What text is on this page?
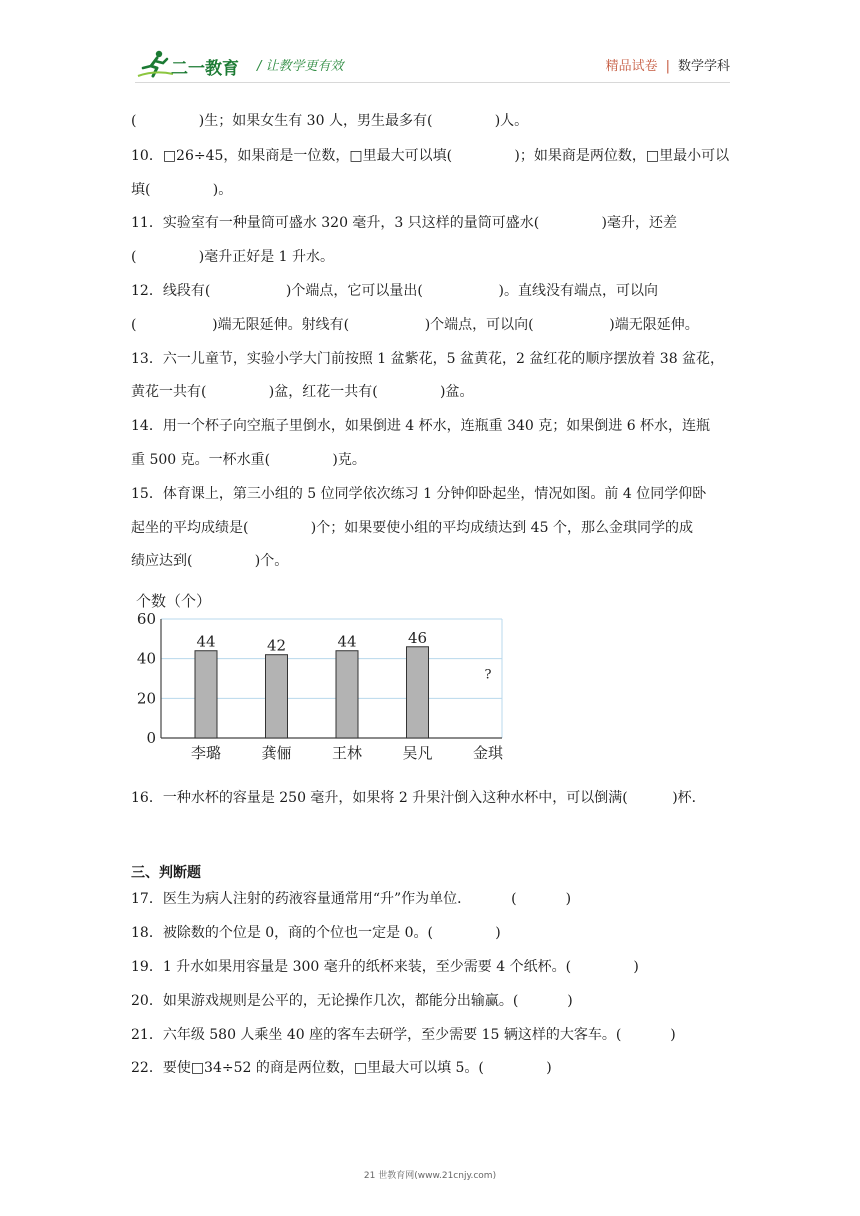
二一教育 / 让教学更有效	精品试卷 | 数学学科
(              )生；如果女生有 30 人，男生最多有(              )人。
10．□26÷45，如果商是一位数，□里最大可以填(              )；如果商是两位数，□里最小可以
填(              )。
11．实验室有一种量筒可盛水 320 毫升，3 只这样的量筒可盛水(              )毫升，还差
(              )毫升正好是 1 升水。
12．线段有(                 )个端点，它可以量出(                 )。直线没有端点，可以向
(                 )端无限延伸。射线有(                 )个端点，可以向(                 )端无限延伸。
13．六一儿童节，实验小学大门前按照 1 盆紫花，5 盆黄花，2 盆红花的顺序摆放着 38 盆花，
黄花一共有(              )盆，红花一共有(              )盆。
14．用一个杯子向空瓶子里倒水，如果倒进 4 杯水，连瓶重 340 克；如果倒进 6 杯水，连瓶
重 500 克。一杯水重(              )克。
15．体育课上，第三小组的 5 位同学依次练习 1 分钟仰卧起坐，情况如图。前 4 位同学仰卧
起坐的平均成绩是(              )个；如果要使小组的平均成绩达到 45 个，那么金琪同学的成
绩应达到(              )个。
个数（个）
0
20
40
60
44
李璐
42
龚俪
44
王林
46
吴凡
?
金琪
16．一种水杯的容量是 250 毫升，如果将 2 升果汁倒入这种水杯中，可以倒满(          )杯．
三、判断题
17．医生为病人注射的药液容量通常用“升”作为单位．         (           )
18．被除数的个位是 0，商的个位也一定是 0。(              )
19．1 升水如果用容量是 300 毫升的纸杯来装，至少需要 4 个纸杯。(              )
20．如果游戏规则是公平的，无论操作几次，都能分出输赢。(           )
21．六年级 580 人乘坐 40 座的客车去研学，至少需要 15 辆这样的大客车。(           )
22．要使□34÷52 的商是两位数，□里最大可以填 5。(              )
21 世教育网(www.21cnjy.com)
